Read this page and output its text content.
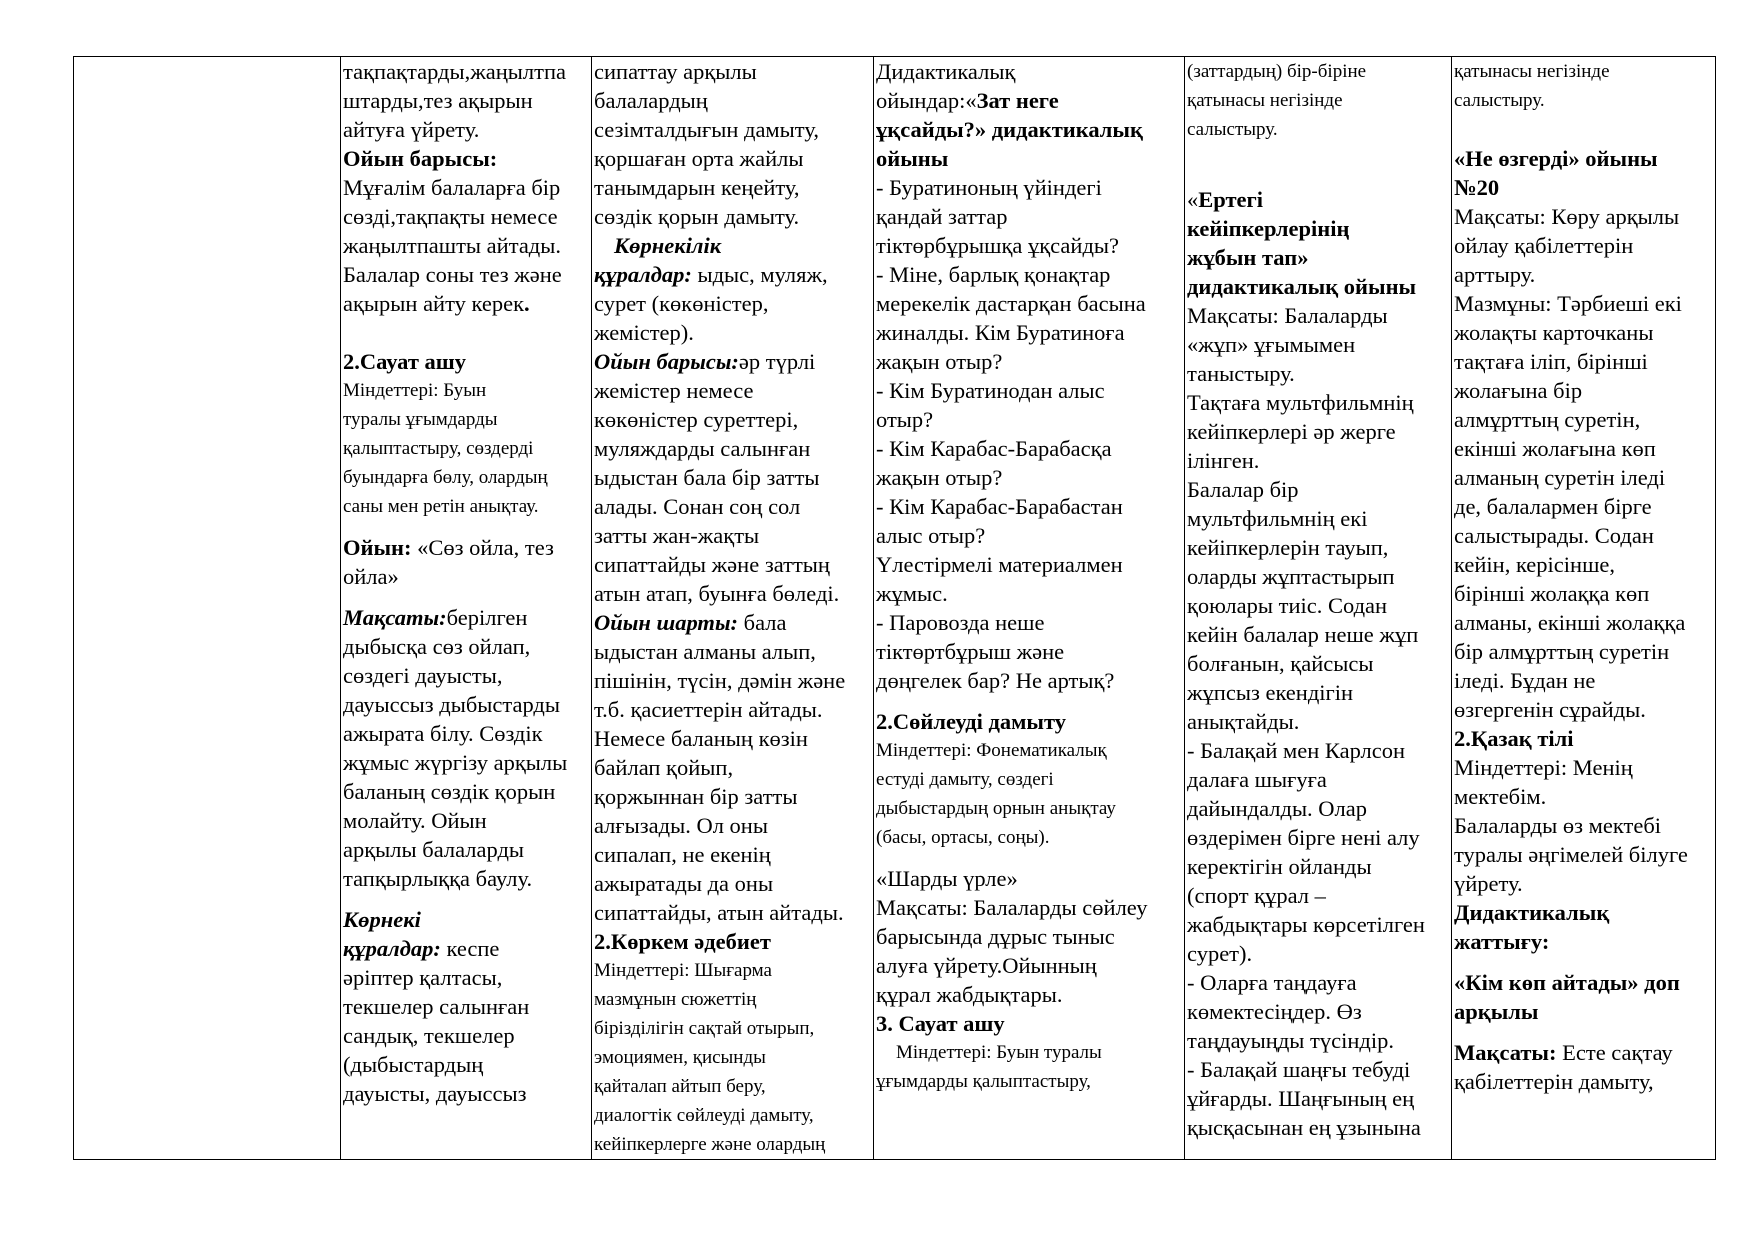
тақпақтарды,жаңылтпа
штарды,тез ақырын
айтуға үйрету.
Ойын барысы:
Мұғалім балаларға бір
сөзді,тақпақты немесе
жаңылтпашты айтады.
Балалар соны тез және
ақырын айту керек.
2.Сауат ашу
Міндеттері: Буын
туралы ұғымдарды
қалыптастыру, сөздерді
буындарға бөлу, олардың
саны мен ретін анықтау.
Ойын: «Сөз ойла, тез
ойла»
Мақсаты:берілген
дыбысқа сөз ойлап,
сөздегі дауысты,
дауыссыз дыбыстарды
ажырата білу. Сөздік
жұмыс жүргізу арқылы
баланың сөздік қорын
молайту. Ойын
арқылы балаларды
тапқырлыққа баулу.
Көрнекі
құралдар: кеспе
әріптер қалтасы,
текшелер салынған
сандық, текшелер
(дыбыстардың
дауысты, дауыссыз

сипаттау арқылы
балалардың
сезімталдығын дамыту,
қоршаған орта жайлы
танымдарын кеңейту,
сөздік қорын дамыту.
Көрнекілік
құралдар: ыдыс, муляж,
сурет (көкөністер,
жемістер).
Ойын барысы:әр түрлі
жемістер немесе
көкөністер суреттері,
муляждарды салынған
ыдыстан бала бір затты
алады. Сонан соң сол
затты жан-жақты
сипаттайды және заттың
атын атап, буынға бөледі.
Ойын шарты: бала
ыдыстан алманы алып,
пішінін, түсін, дәмін және
т.б. қасиеттерін айтады.
Немесе баланың көзін
байлап қойып,
қоржыннан бір затты
алғызады. Ол оны
сипалап, не екенің
ажыратады да оны
сипаттайды, атын айтады.
2.Көркем әдебиет
Міндеттері: Шығарма
мазмұнын сюжеттің
бірізділігін сақтай отырып,
эмоциямен, қисынды
қайталап айтып беру,
диалогтік сөйлеуді дамыту,
кейіпкерлерге және олардың

Дидактикалық
ойындар:«Зат неге
ұқсайды?» дидактикалық
ойыны
- Буратиноның үйіндегі
қандай заттар
тіктөрбұрышқа ұқсайды?
- Міне, барлық қонақтар
мерекелік дастарқан басына
жиналды. Кім Буратиноға
жақын отыр?
- Кім Буратинодан алыс
отыр?
- Кім Карабас-Барабасқа
жақын отыр?
- Кім Карабас-Барабастан
алыс отыр?
Үлестірмелі материалмен
жұмыс.
- Паровозда неше
тіктөртбұрыш және
дөңгелек бар? Не артық?
2.Сөйлеуді дамыту
Міндеттері: Фонематикалық
естуді дамыту, сөздегі
дыбыстардың орнын анықтау
(басы, ортасы, соңы).
«Шарды үрле»
Мақсаты: Балаларды сөйлеу
барысында дұрыс тыныс
алуға үйрету.Ойынның
құрал жабдықтары.
3. Сауат ашу
Міндеттері: Буын туралы
ұғымдарды қалыптастыру,

(заттардың) бір-біріне
қатынасы негізінде
салыстыру.
«Ертегі
кейіпкерлерінің
жұбын тап»
дидактикалық ойыны
Мақсаты: Балаларды
«жұп» ұғымымен
таныстыру.
Тақтаға мультфильмнің
кейіпкерлері әр жерге
ілінген.
Балалар бір
мультфильмнің екі
кейіпкерлерін тауып,
оларды жұптастырып
қоюлары тиіс. Содан
кейін балалар неше жұп
болғанын, қайсысы
жұпсыз екендігін
анықтайды.
- Балақай мен Карлсон
далаға шығуға
дайындалды. Олар
өздерімен бірге нені алу
керектігін ойланды
(спорт құрал –
жабдықтары көрсетілген
сурет).
- Оларға таңдауға
көмектесіңдер. Өз
таңдауыңды түсіндір.
- Балақай шаңғы тебуді
ұйғарды. Шаңғының ең
қысқасынан ең ұзынына

қатынасы негізінде
салыстыру.
«Не өзгерді» ойыны
№20
Мақсаты: Көру арқылы
ойлау қабілеттерін
арттыру.
Мазмұны: Тәрбиеші екі
жолақты карточканы
тақтаға іліп, бірінші
жолағына бір
алмұрттың суретін,
екінші жолағына көп
алманың суретін іледі
де, балалармен бірге
салыстырады. Содан
кейін, керісінше,
бірінші жолаққа көп
алманы, екінші жолаққа
бір алмұрттың суретін
іледі. Бұдан не
өзгергенін сұрайды.
2.Қазақ тілі
Міндеттері: Менің
мектебім.
Балаларды өз мектебі
туралы әңгімелей білуге
үйрету.
Дидактикалық
жаттығу:
«Кім көп айтады» доп
арқылы
Мақсаты: Есте сақтау
қабілеттерін дамыту,
